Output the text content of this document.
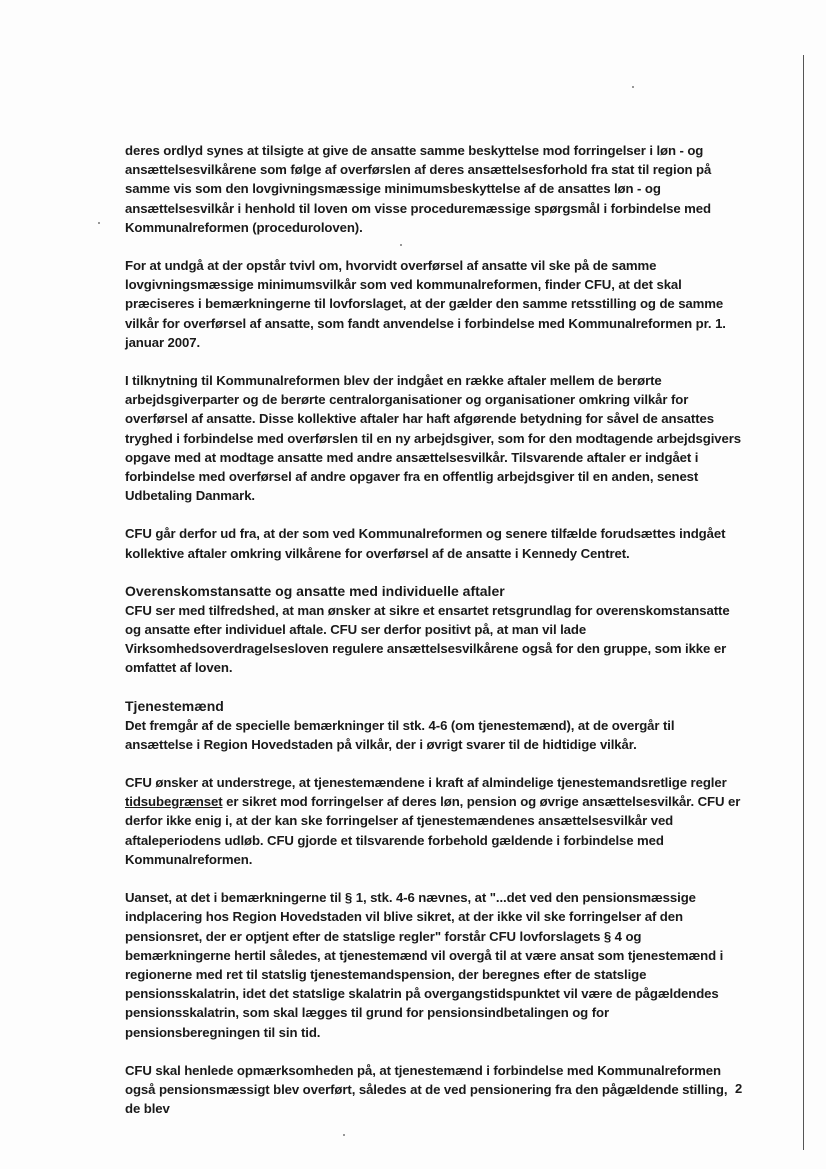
deres ordlyd synes at tilsigte at give de ansatte samme beskyttelse mod forringelser i løn - og ansættelsesvilkårene som følge af overførslen af deres ansættelsesforhold fra stat til region på samme vis som den lovgivningsmæssige minimumsbeskyttelse af de ansattes løn - og ansættelsesvilkår i henhold til loven om visse proceduremæssige spørgsmål i forbindelse med Kommunalreformen (proceduroloven).

For at undgå at der opstår tvivl om, hvorvidt overførsel af ansatte vil ske på de samme lovgivningsmæssige minimumsvilkår som ved kommunalreformen, finder CFU, at det skal præciseres i bemærkningerne til lovforslaget, at der gælder den samme retsstilling og de samme vilkår for overførsel af ansatte, som fandt anvendelse i forbindelse med Kommunalreformen pr. 1. januar 2007.

I tilknytning til Kommunalreformen blev der indgået en række aftaler mellem de berørte arbejdsgiverparter og de berørte centralorganisationer og organisationer omkring vilkår for overførsel af ansatte. Disse kollektive aftaler har haft afgørende betydning for såvel de ansattes tryghed i forbindelse med overførslen til en ny arbejdsgiver, som for den modtagende arbejdsgivers opgave med at modtage ansatte med andre ansættelsesvilkår. Tilsvarende aftaler er indgået i forbindelse med overførsel af andre opgaver fra en offentlig arbejdsgiver til en anden, senest Udbetaling Danmark.

CFU går derfor ud fra, at der som ved Kommunalreformen og senere tilfælde forudsættes indgået kollektive aftaler omkring vilkårene for overførsel af de ansatte i Kennedy Centret.

Overenskomstansatte og ansatte med individuelle aftaler

CFU ser med tilfredshed, at man ønsker at sikre et ensartet retsgrundlag for overenskomstansatte og ansatte efter individuel aftale. CFU ser derfor positivt på, at man vil lade Virksomhedsoverdragelsesloven regulere ansættelsesvilkårene også for den gruppe, som ikke er omfattet af loven.

Tjenestemænd

Det fremgår af de specielle bemærkninger til stk. 4-6 (om tjenestemænd), at de overgår til ansættelse i Region Hovedstaden på vilkår, der i øvrigt svarer til de hidtidige vilkår.

CFU ønsker at understrege, at tjenestemændene i kraft af almindelige tjenestemandsretlige regler tidsubegrænset er sikret mod forringelser af deres løn, pension og øvrige ansættelsesvilkår. CFU er derfor ikke enig i, at der kan ske forringelser af tjenestemændenes ansættelsesvilkår ved aftaleperiodens udløb. CFU gjorde et tilsvarende forbehold gældende i forbindelse med Kommunalreformen.

Uanset, at det i bemærkningerne til § 1, stk. 4-6 nævnes, at "...det ved den pensionsmæssige indplacering hos Region Hovedstaden vil blive sikret, at der ikke vil ske forringelser af den pensionsret, der er optjent efter de statslige regler" forstår CFU lovforslagets § 4 og bemærkningerne hertil således, at tjenestemænd vil overgå til at være ansat som tjenestemænd i regionerne med ret til statslig tjenestemandspension, der beregnes efter de statslige pensionsskalatrin, idet det statslige skalatrin på overgangstidspunktet vil være de pågældendes pensionsskalatrin, som skal lægges til grund for pensionsindbetalingen og for pensionsberegningen til sin tid.

CFU skal henlede opmærksomheden på, at tjenestemænd i forbindelse med Kommunalreformen også pensionsmæssigt blev overført, således at de ved pensionering fra den pågældende stilling, de blev

2
